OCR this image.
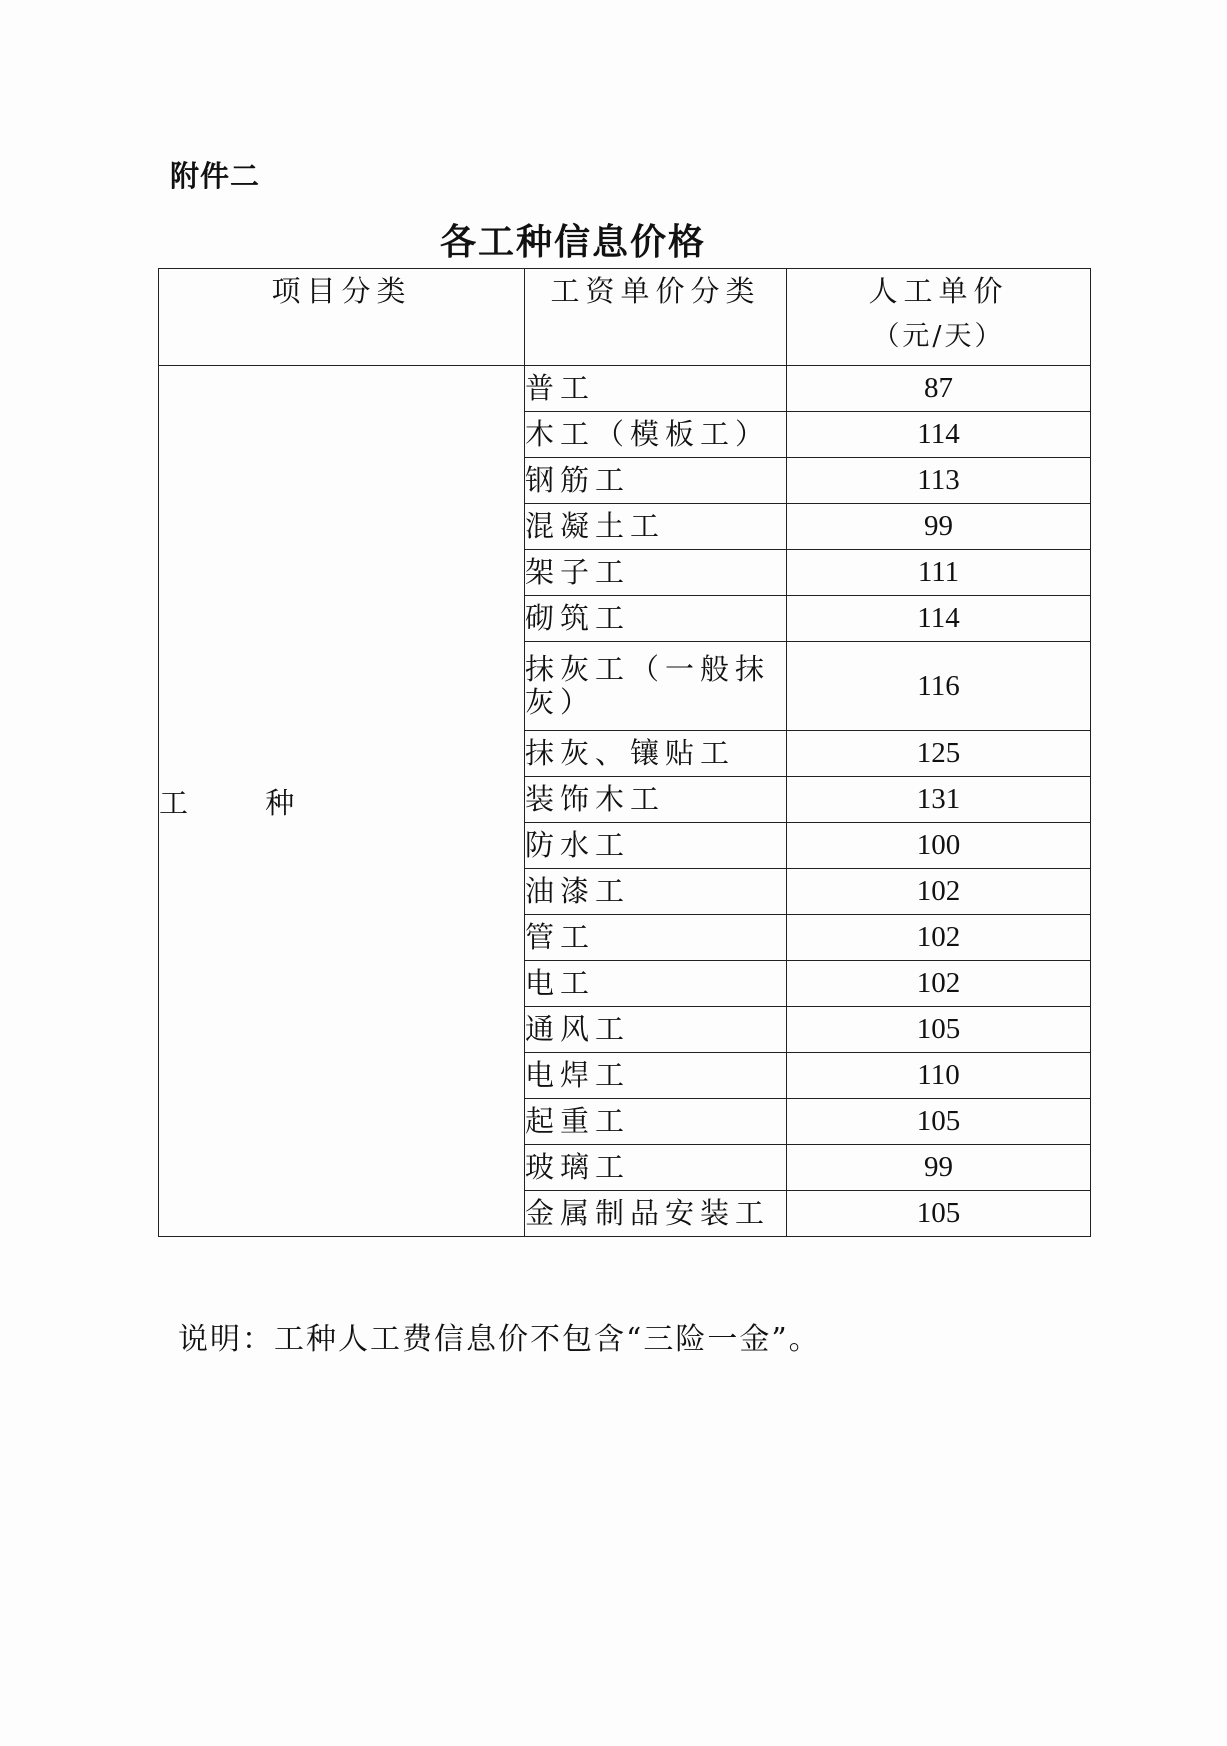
附件二
各工种信息价格
项目分类	工资单价分类	人工单价
（元/天）

工 种	普工	87
	木工（模板工）	114
	钢筋工	113
	混凝土工	99
	架子工	111
	砌筑工	114
	抹灰工（一般抹灰）	116
	抹灰、镶贴工	125
	装饰木工	131
	防水工	100
	油漆工	102
	管工	102
	电工	102
	通风工	105
	电焊工	110
	起重工	105
	玻璃工	99
	金属制品安装工	105
说明：工种人工费信息价不包含“三险一金”。
